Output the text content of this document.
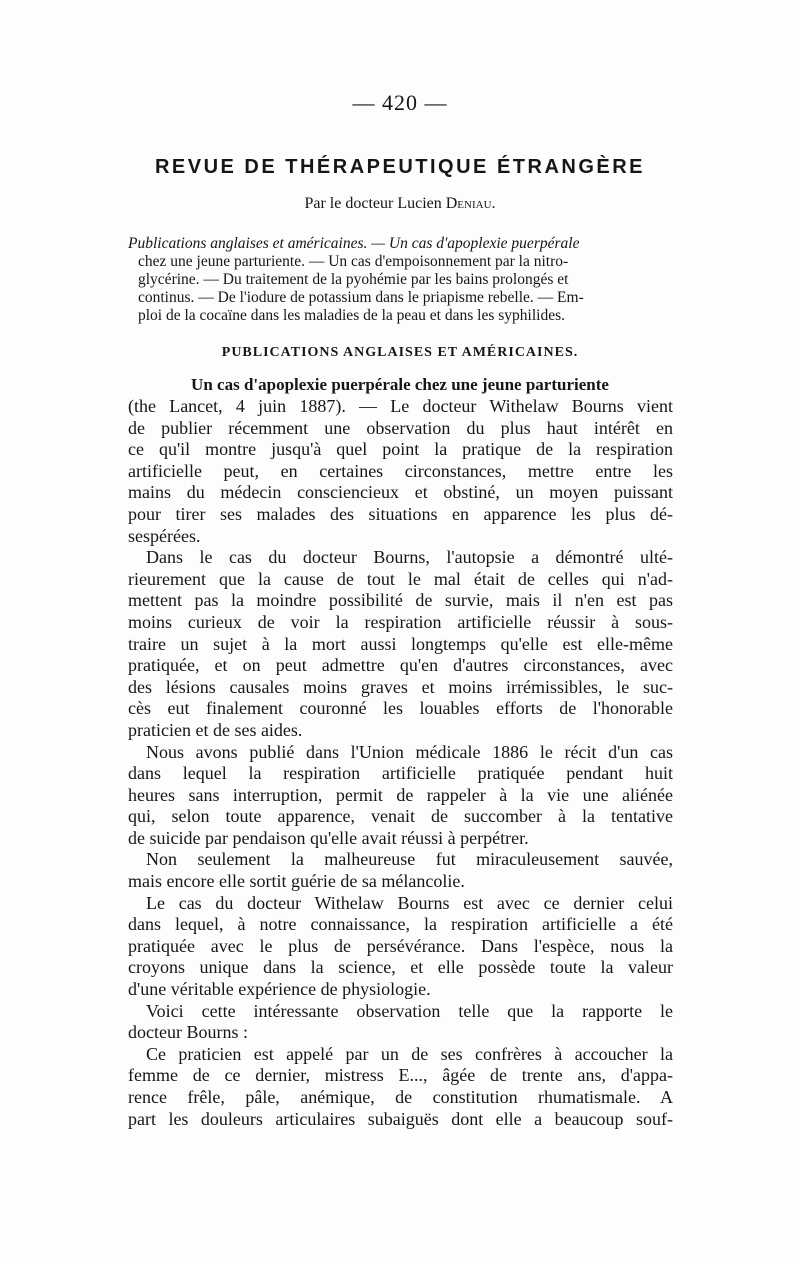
— 420 —
REVUE DE THÉRAPEUTIQUE ÉTRANGÈRE
Par le docteur Lucien Deniau.
Publications anglaises et américaines. — Un cas d'apoplexie puerpérale
chez une jeune parturiente. — Un cas d'empoisonnement par la nitro-
glycérine. — Du traitement de la pyohémie par les bains prolongés et
continus. — De l'iodure de potassium dans le priapisme rebelle. — Em-
ploi de la cocaïne dans les maladies de la peau et dans les syphilides.
PUBLICATIONS ANGLAISES ET AMÉRICAINES.
Un cas d'apoplexie puerpérale chez une jeune parturiente
(the Lancet, 4 juin 1887). — Le docteur Withelaw Bourns vient
de publier récemment une observation du plus haut intérêt en
ce qu'il montre jusqu'à quel point la pratique de la respiration
artificielle peut, en certaines circonstances, mettre entre les
mains du médecin consciencieux et obstiné, un moyen puissant
pour tirer ses malades des situations en apparence les plus dé-
sespérées.
Dans le cas du docteur Bourns, l'autopsie a démontré ulté-
rieurement que la cause de tout le mal était de celles qui n'ad-
mettent pas la moindre possibilité de survie, mais il n'en est pas
moins curieux de voir la respiration artificielle réussir à sous-
traire un sujet à la mort aussi longtemps qu'elle est elle-même
pratiquée, et on peut admettre qu'en d'autres circonstances, avec
des lésions causales moins graves et moins irrémissibles, le suc-
cès eut finalement couronné les louables efforts de l'honorable
praticien et de ses aides.
Nous avons publié dans l'Union médicale 1886 le récit d'un cas
dans lequel la respiration artificielle pratiquée pendant huit
heures sans interruption, permit de rappeler à la vie une aliénée
qui, selon toute apparence, venait de succomber à la tentative
de suicide par pendaison qu'elle avait réussi à perpétrer.
Non seulement la malheureuse fut miraculeusement sauvée,
mais encore elle sortit guérie de sa mélancolie.
Le cas du docteur Withelaw Bourns est avec ce dernier celui
dans lequel, à notre connaissance, la respiration artificielle a été
pratiquée avec le plus de persévérance. Dans l'espèce, nous la
croyons unique dans la science, et elle possède toute la valeur
d'une véritable expérience de physiologie.
Voici cette intéressante observation telle que la rapporte le
docteur Bourns :
Ce praticien est appelé par un de ses confrères à accoucher la
femme de ce dernier, mistress E..., âgée de trente ans, d'appa-
rence frêle, pâle, anémique, de constitution rhumatismale. A
part les douleurs articulaires subaiguës dont elle a beaucoup souf-
